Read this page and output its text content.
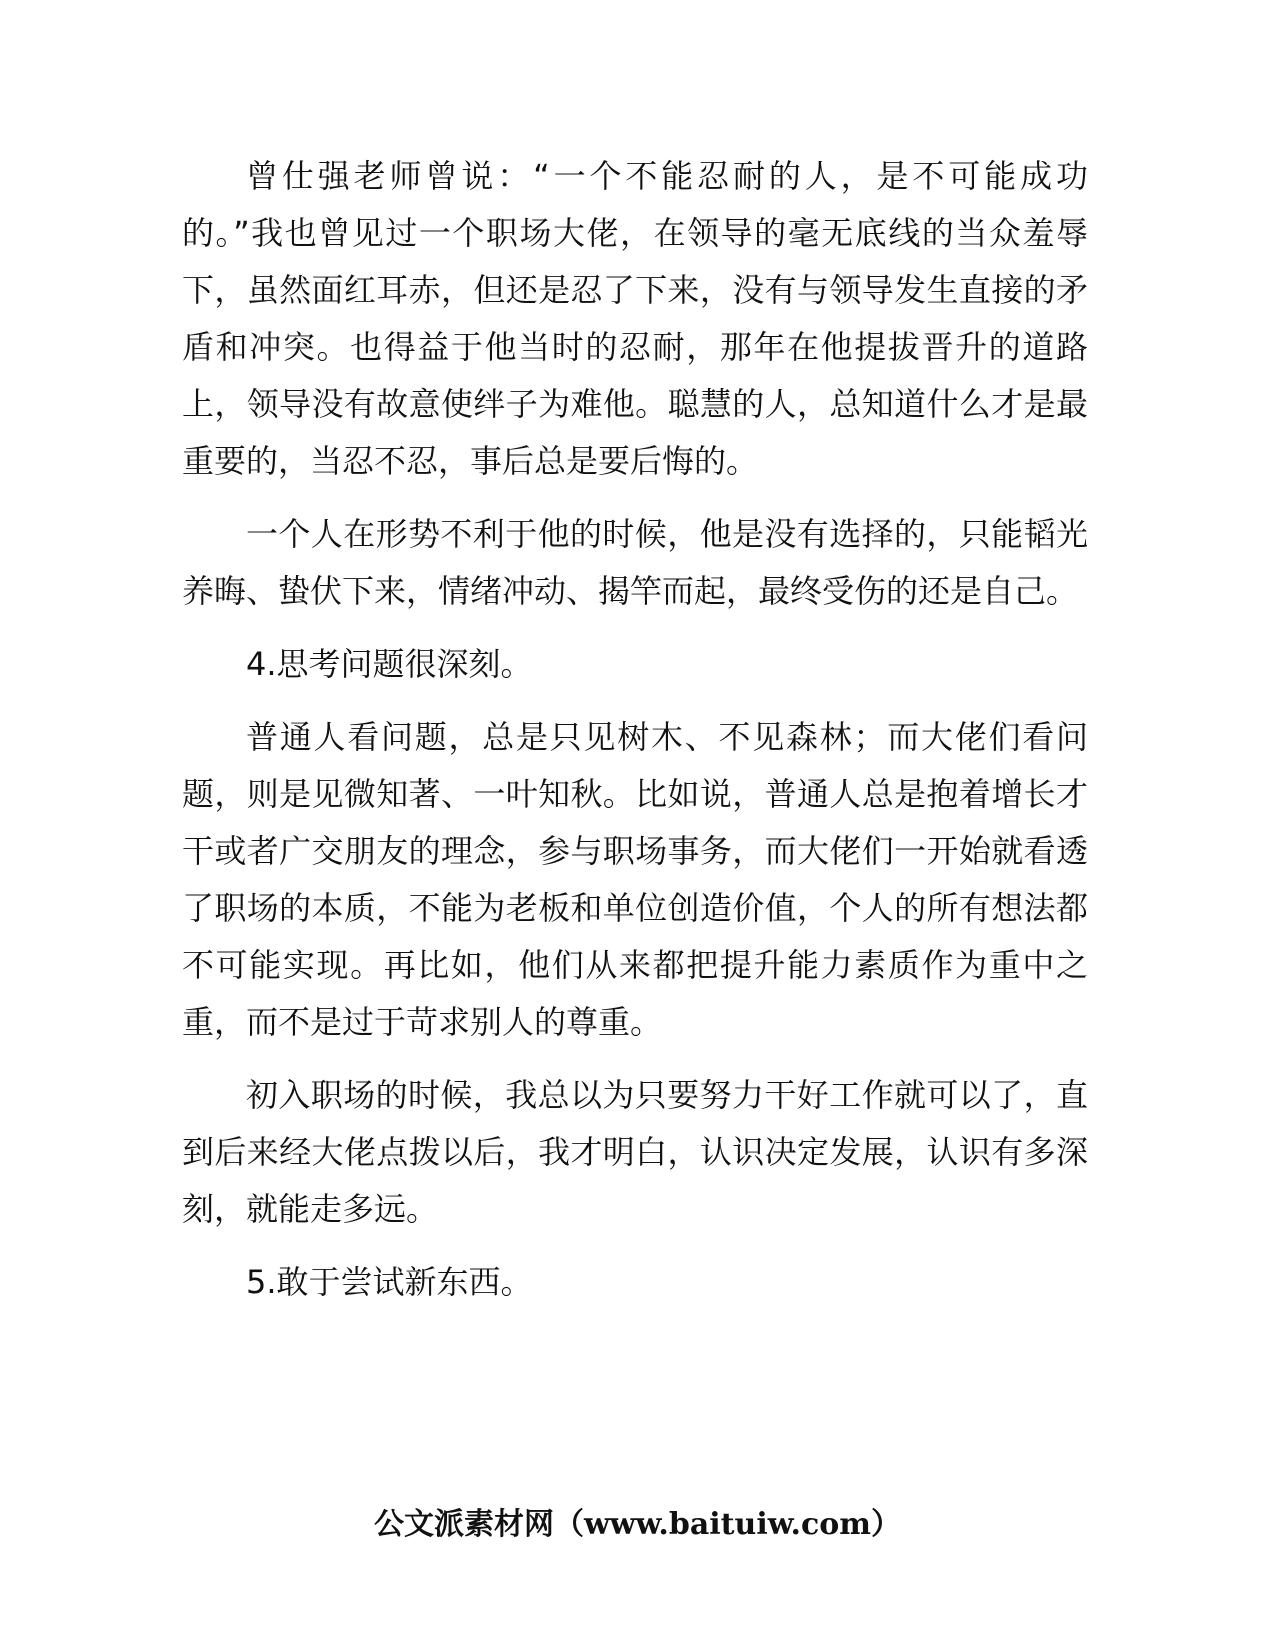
曾仕强老师曾说：“一个不能忍耐的人，是不可能成功的。”我也曾见过一个职场大佬，在领导的毫无底线的当众羞辱下，虽然面红耳赤，但还是忍了下来，没有与领导发生直接的矛盾和冲突。也得益于他当时的忍耐，那年在他提拔晋升的道路上，领导没有故意使绊子为难他。聪慧的人，总知道什么才是最重要的，当忍不忍，事后总是要后悔的。

一个人在形势不利于他的时候，他是没有选择的，只能韬光养晦、蛰伏下来，情绪冲动、揭竿而起，最终受伤的还是自己。

4.思考问题很深刻。

普通人看问题，总是只见树木、不见森林；而大佬们看问题，则是见微知著、一叶知秋。比如说，普通人总是抱着增长才干或者广交朋友的理念，参与职场事务，而大佬们一开始就看透了职场的本质，不能为老板和单位创造价值，个人的所有想法都不可能实现。再比如，他们从来都把提升能力素质作为重中之重，而不是过于苛求别人的尊重。

初入职场的时候，我总以为只要努力干好工作就可以了，直到后来经大佬点拨以后，我才明白，认识决定发展，认识有多深刻，就能走多远。

5.敢于尝试新东西。

公文派素材网（www.baituiw.com）
